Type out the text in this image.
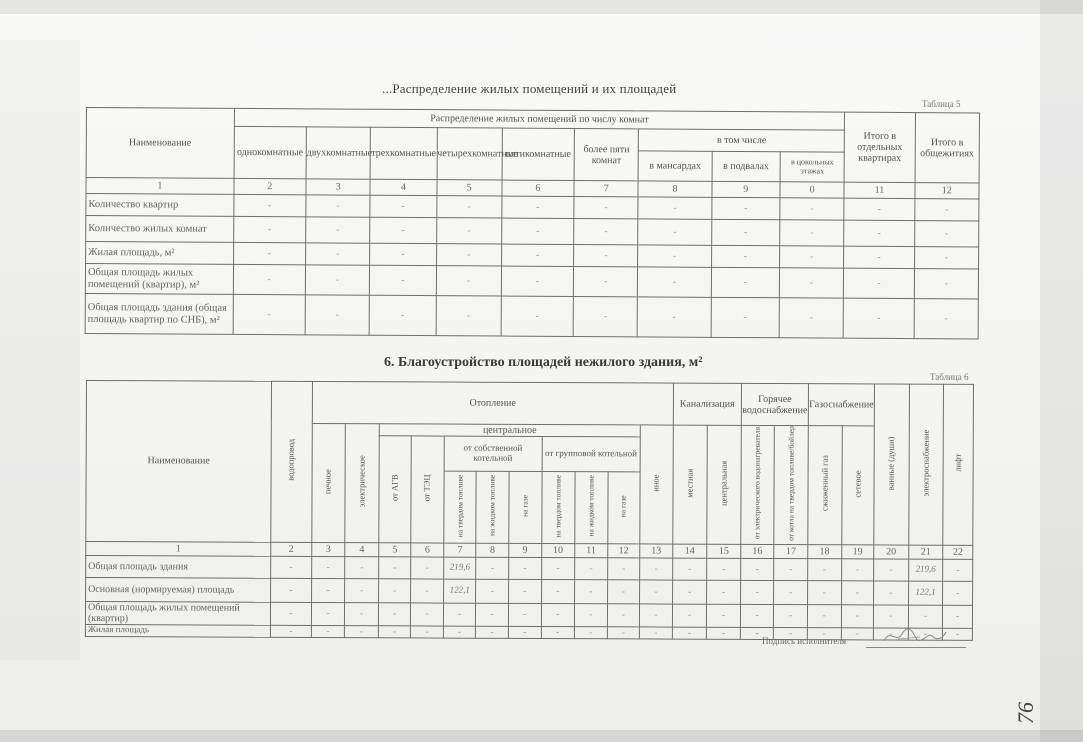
...Распределение жилых помещений и их площадей
Таблица 5
Наименование	Распределение жилых помещений по числу комнат									Итого в отдельных квартирах	Итого в общежитиях
	однокомнатные	двухкомнатные	трехкомнатные	четырехкомнатные	пятикомнатные	более пяти комнат	в том числе				
							в мансардах	в подвалах	в цокольных этажах		
1	2	3	4	5	6	7	8	9	0	11	12
Количество квартир	-	-	-	-	-	-	-	-	-	-	-
Количество жилых комнат	-	-	-	-	-	-	-	-	-	-	-
Жилая площадь, м²	-	-	-	-	-	-	-	-	-	-	-
Общая площадь жилых помещений (квартир), м²	-	-	-	-	-	-	-	-	-	-	-
Общая площадь здания (общая площадь квартир по СНБ), м²	-	-	-	-	-	-	-	-	-	-	-
6. Благоустройство площадей нежилого здания, м²
Таблица 6
Наименование	водопровод	Отопление											Канализация		Горячее водоснабжение		Газоснабжение		ванные (души)	электроснабжение	лифт
		печное	электрическое	центральное								иное	местная	центральная	от электрического водонагревателя	от котла на твердом топливе/бойлер	сжиженный газ	сетевое			
				от АГВ	от ТЭЦ	от собственной котельной			от групповой котельной												
						на твердом топливе	на жидком топливе	на газе	на твердом топливе	на жидком топливе	на газе										
1	2	3	4	5	6	7	8	9	10	11	12	13	14	15	16	17	18	19	20	21	22
Общая площадь здания	-	-	-	-	-	219,6	-	-	-	-	-	-	-	-	-	-	-	-	-	219,6	-
Основная (нормируемая) площадь	-	-	-	-	-	122,1	-	-	-	-	-	-	-	-	-	-	-	-	-	122,1	-
Общая площадь жилых помещений (квартир)	-	-	-	-	-	-	-	-	-	-	-	-	-	-	-	-	-	-	-	-	-
Жилая площадь	-	-	-	-	-	-	-	-	-	-	-	-	-	-	-	-	-	-	-	-	-
Подпись исполнителя
76
